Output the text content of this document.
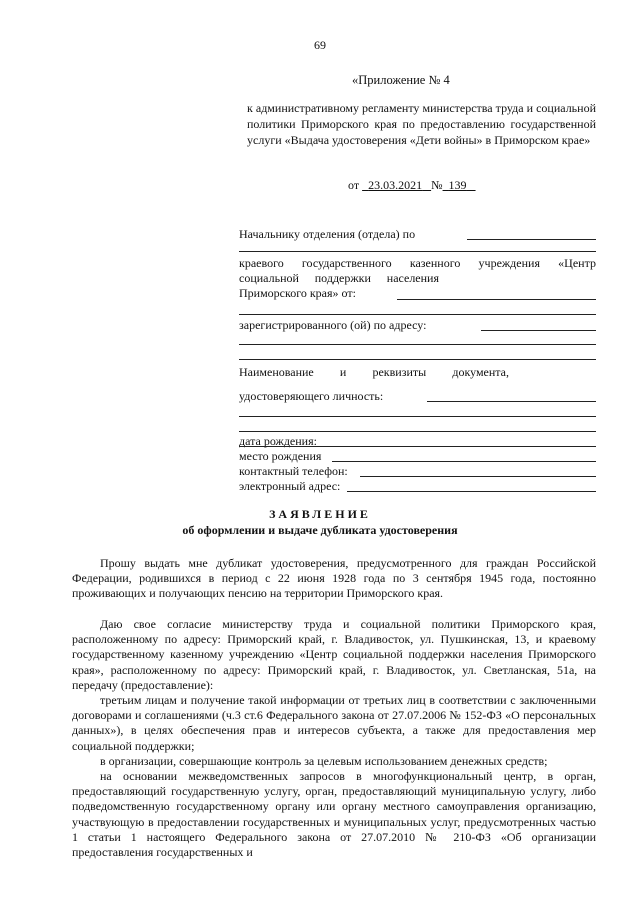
69
«Приложение № 4
к административному регламенту министерства труда и социальной политики Приморского края по предоставлению государственной услуги «Выдача удостоверения «Дети войны» в Приморском крае»
от 23.03.2021 № 139
Начальнику отделения (отдела) по
краевого государственного казенного учреждения «Центр
социальной поддержки населения
Приморского края» от:
зарегистрированного (ой) по адресу:
Наименование и реквизиты документа,
удостоверяющего личность:
дата рождения:
место рождения
контактный телефон:
электронный адрес:
ЗАЯВЛЕНИЕ
об оформлении и выдаче дубликата удостоверения

Прошу выдать мне дубликат удостоверения, предусмотренного для граждан Российской Федерации, родившихся в период с 22 июня 1928 года по 3 сентября 1945 года, постоянно проживающих и получающих пенсию на территории Приморского края.

Даю свое согласие министерству труда и социальной политики Приморского края, расположенному по адресу: Приморский край, г. Владивосток, ул. Пушкинская, 13, и краевому государственному казенному учреждению «Центр социальной поддержки населения Приморского края», расположенному по адресу: Приморский край, г. Владивосток, ул. Светланская, 51а, на передачу (предоставление):

третьим лицам и получение такой информации от третьих лиц в соответствии с заключенными договорами и соглашениями (ч.3 ст.6 Федерального закона от 27.07.2006 № 152-ФЗ «О персональных данных»), в целях обеспечения прав и интересов субъекта, а также для предоставления мер социальной поддержки;

в организации, совершающие контроль за целевым использованием денежных средств;

на основании межведомственных запросов в многофункциональный центр, в орган, предоставляющий государственную услугу, орган, предоставляющий муниципальную услугу, либо подведомственную государственному органу или органу местного самоуправления организацию, участвующую в предоставлении государственных и муниципальных услуг, предусмотренных частью 1 статьи 1 настоящего Федерального закона от 27.07.2010 № 210-ФЗ «Об организации предоставления государственных и
